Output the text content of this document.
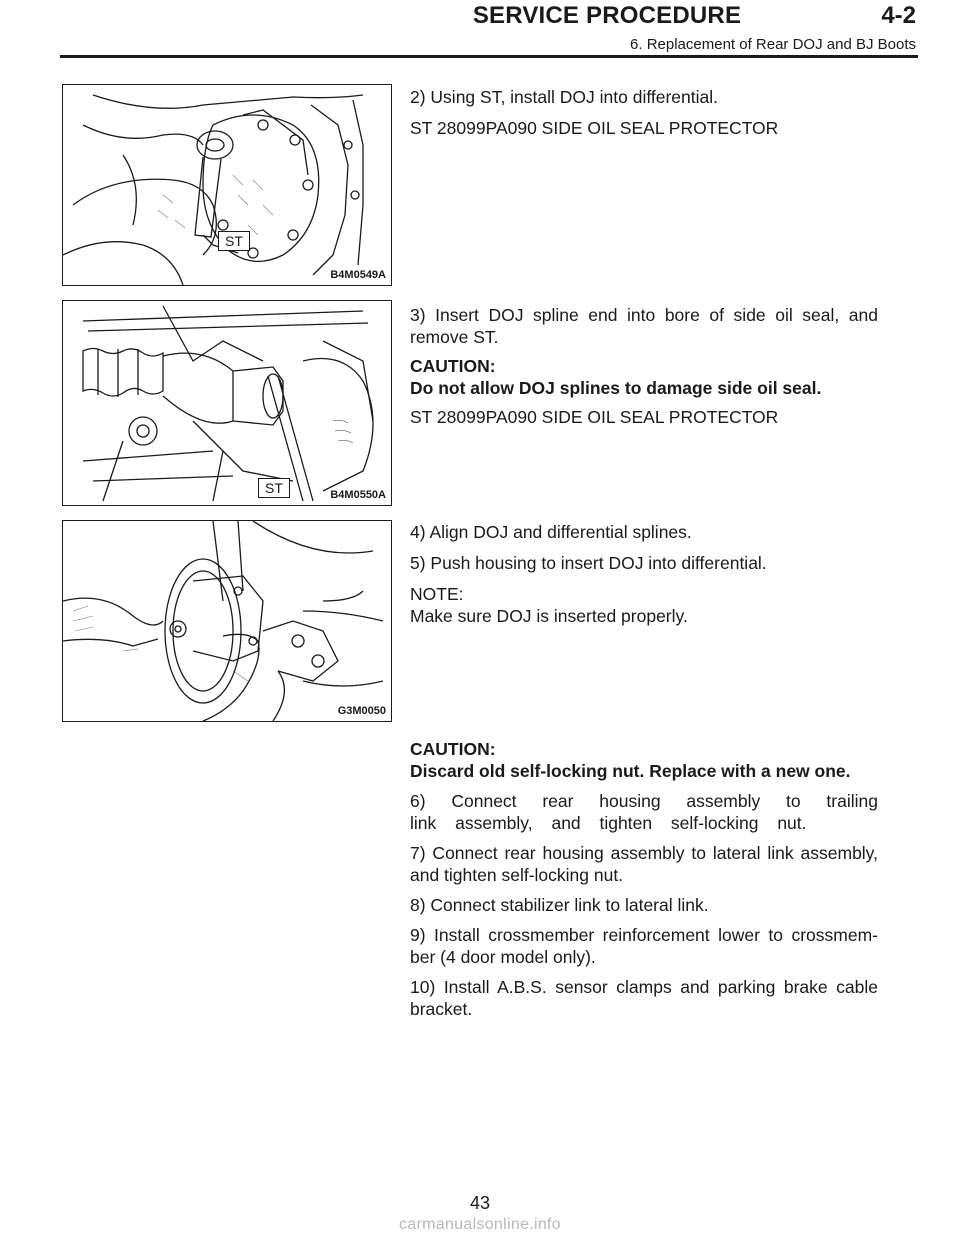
SERVICE PROCEDURE	4-2
6. Replacement of Rear DOJ and BJ Boots
ST
B4M0549A
ST	B4M0550A
G3M0050

2) Using ST, install DOJ into differential.

ST 28099PA090 SIDE OIL SEAL PROTECTOR

3) Insert DOJ spline end into bore of side oil seal, and remove ST.

CAUTION:

Do not allow DOJ splines to damage side oil seal.

ST 28099PA090 SIDE OIL SEAL PROTECTOR

4) Align DOJ and differential splines.

5) Push housing to insert DOJ into differential.

NOTE:

Make sure DOJ is inserted properly.

CAUTION:

Discard old self-locking nut. Replace with a new one.

6) Connect rear housing assembly to trailing link assembly, and tighten self-locking nut.

7) Connect rear housing assembly to lateral link assembly, and tighten self-locking nut.

8) Connect stabilizer link to lateral link.

9) Install crossmember reinforcement lower to crossmem-ber (4 door model only).

10) Install A.B.S. sensor clamps and parking brake cable bracket.

43
carmanualsonline.info
